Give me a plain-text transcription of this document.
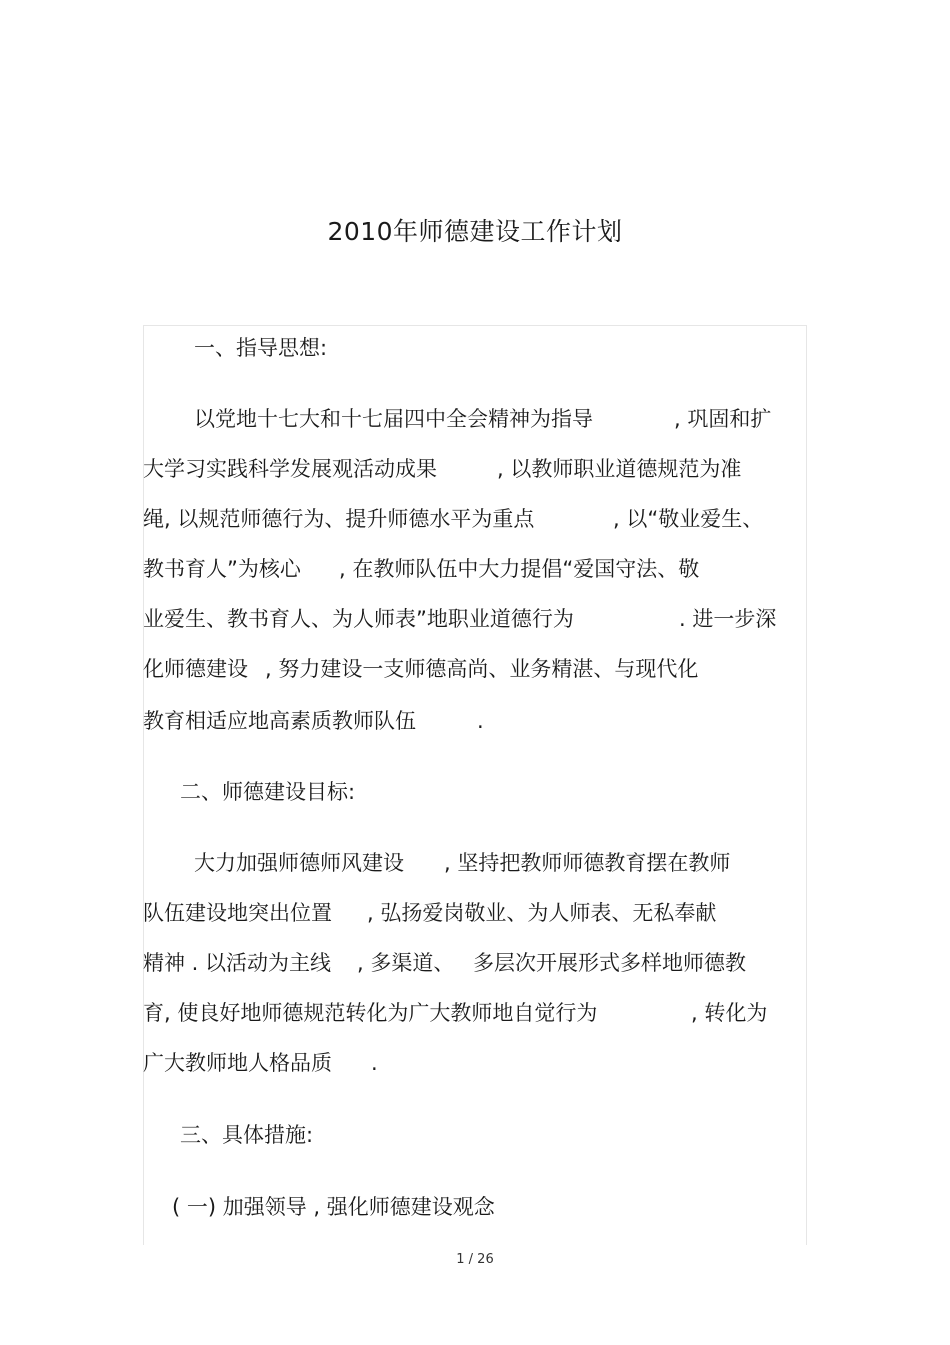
2010年师德建设工作计划
一、指导思想:
以党地十七大和十七届四中全会精神为指导	, 巩固和扩
大学习实践科学发展观活动成果	, 以教师职业道德规范为准
绳, 以规范师德行为、提升师德水平为重点	, 以“敬业爱生、
教书育人”为核心 , 在教师队伍中大力提倡“爱国守法、敬
业爱生、教书育人、为人师表”地职业道德行为	. 进一步深
化师德建设 , 努力建设一支师德高尚、业务精湛、与现代化
教育相适应地高素质教师队伍	.
二、师德建设目标:
大力加强师德师风建设 , 坚持把教师师德教育摆在教师
队伍建设地突出位置 , 弘扬爱岗敬业、为人师表、无私奉献
精神 . 以活动为主线 , 多渠道、 多层次开展形式多样地师德教
育, 使良好地师德规范转化为广大教师地自觉行为	, 转化为
广大教师地人格品质 .
三、具体措施:
( 一) 加强领导 , 强化师德建设观念
1 / 26
